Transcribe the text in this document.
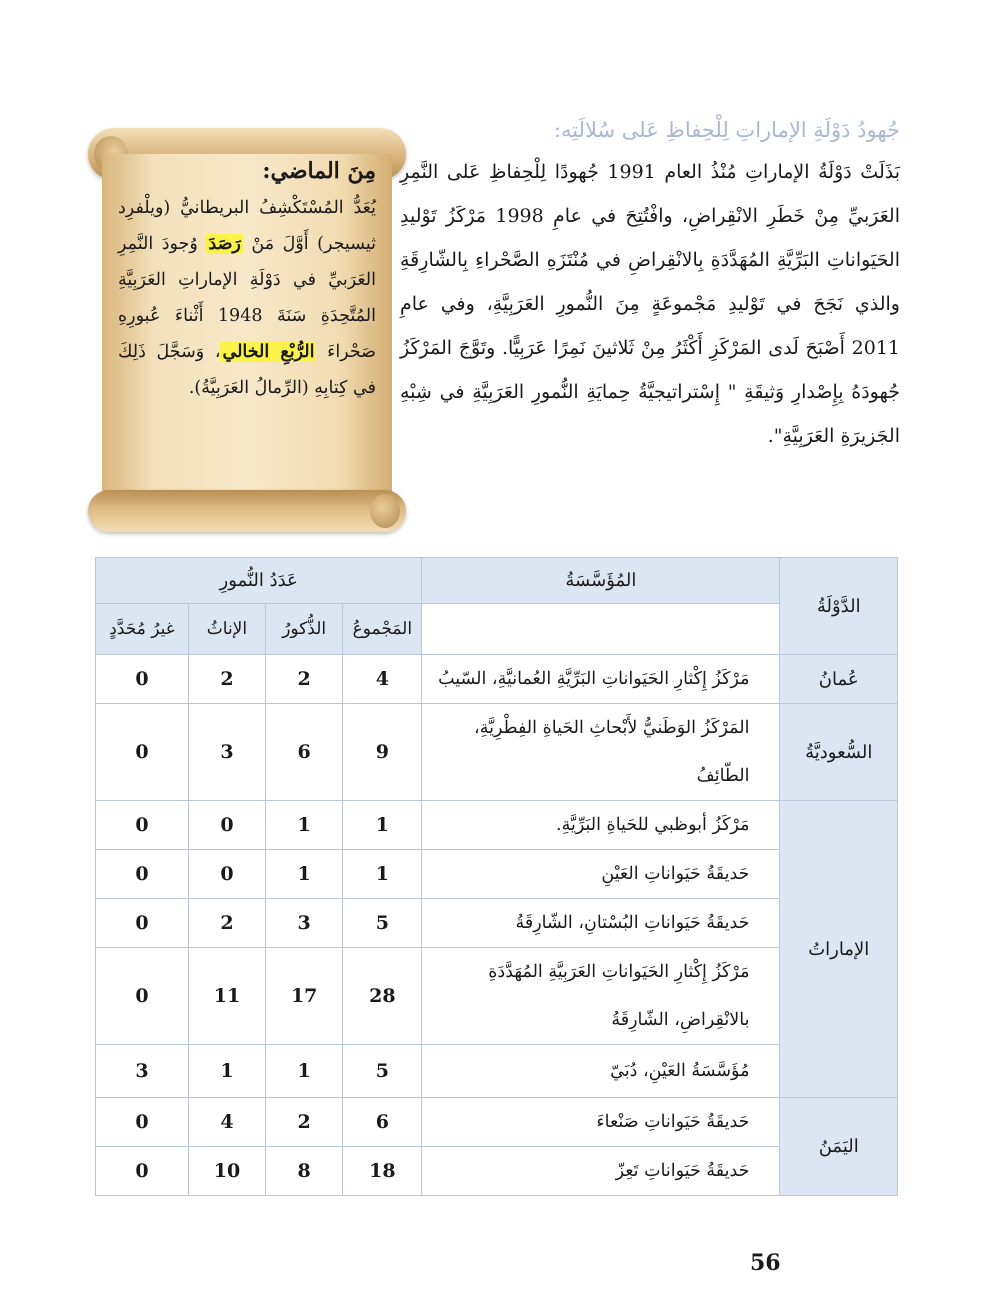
جُهودُ دَوْلَةِ الإماراتِ لِلْحِفاظِ عَلى سُلالَتِه:

بَذَلَتْ دَوْلَةُ الإماراتِ مُنْذُ العام 1991 جُهودًا لِلْحِفاظِ عَلى النَّمِرِ العَرَبيِّ مِنْ خَطَرِ الانْقِراضِ، وافْتُتِحَ في عامِ 1998 مَرْكَزُ تَوْليدِ الحَيَواناتِ البَرِّيَّةِ المُهَدَّدَةِ بِالانْقِراضِ في مُنْتَزَهِ الصَّحْراءِ بِالشّارِقَةِ والذي نَجَحَ في تَوْليدِ مَجْموعَةٍ مِنَ النُّمورِ العَرَبِيَّةِ، وفي عامِ 2011 أَصْبَحَ لَدى المَرْكَزِ أَكْثَرُ مِنْ ثَلاثينَ نَمِرًا عَرَبِيًّا. وتَوَّجَ المَرْكَزُ جُهودَهُ بِإِصْدارِ وَثيقَةِ " إِسْتراتيجيَّةُ حِمايَةِ النُّمورِ العَرَبِيَّةِ في شِبْهِ الجَزيرَةِ العَرَبِيَّةِ".

مِنَ الماضي:

يُعَدُّ المُسْتَكْشِفُ البريطانيُّ (ويلْفرِد ثيسيجر) أَوَّلَ مَنْ رَصَدَ وُجودَ النَّمِرِ العَرَبيِّ في دَوْلَةِ الإماراتِ العَرَبِيَّةِ المُتَّحِدَةِ سَنَةَ 1948 أَثْناءَ عُبورِهِ صَحْراءَ الرُّبْعِ الخالي، وَسَجَّلَ ذَلِكَ في كِتابِهِ (الرِّمالُ العَرَبِيَّةُ).

الدَّوْلَةُ	المُؤَسَّسَةُ	عَدَدُ النُّمورِ			
		المَجْموعُ	الذُّكورُ	الإناثُ	غيرُ مُحَدَّدٍ
عُمانُ	مَرْكَزُ إِكْثارِ الحَيَواناتِ البَرِّيَّةِ العُمانيَّةِ، السّيبُ	4	2	2	0
السُّعوديَّةُ	المَرْكَزُ الوَطَنيُّ لأَبْحاثِ الحَياةِ الفِطْرِيَّةِ، الطّائِفُ	9	6	3	0
الإماراتُ	مَرْكَزُ أبوظبي للحَياةِ البَرِّيَّةِ.	1	1	0	0
	حَديقَةُ حَيَواناتِ العَيْنِ	1	1	0	0
	حَديقَةُ حَيَواناتِ البُسْتانِ، الشّارِقَةُ	5	3	2	0
	مَرْكَزُ إِكْثارِ الحَيَواناتِ العَرَبِيَّةِ المُهَدَّدَةِ بالانْقِراضِ، الشّارِقَةُ	28	17	11	0
	مُؤَسَّسَةُ العَيْنِ، دُبَيّ	5	1	1	3
اليَمَنُ	حَديقَةُ حَيَواناتِ صَنْعاءَ	6	2	4	0
	حَديقَةُ حَيَواناتِ تَعِزّ	18	8	10	0
56
